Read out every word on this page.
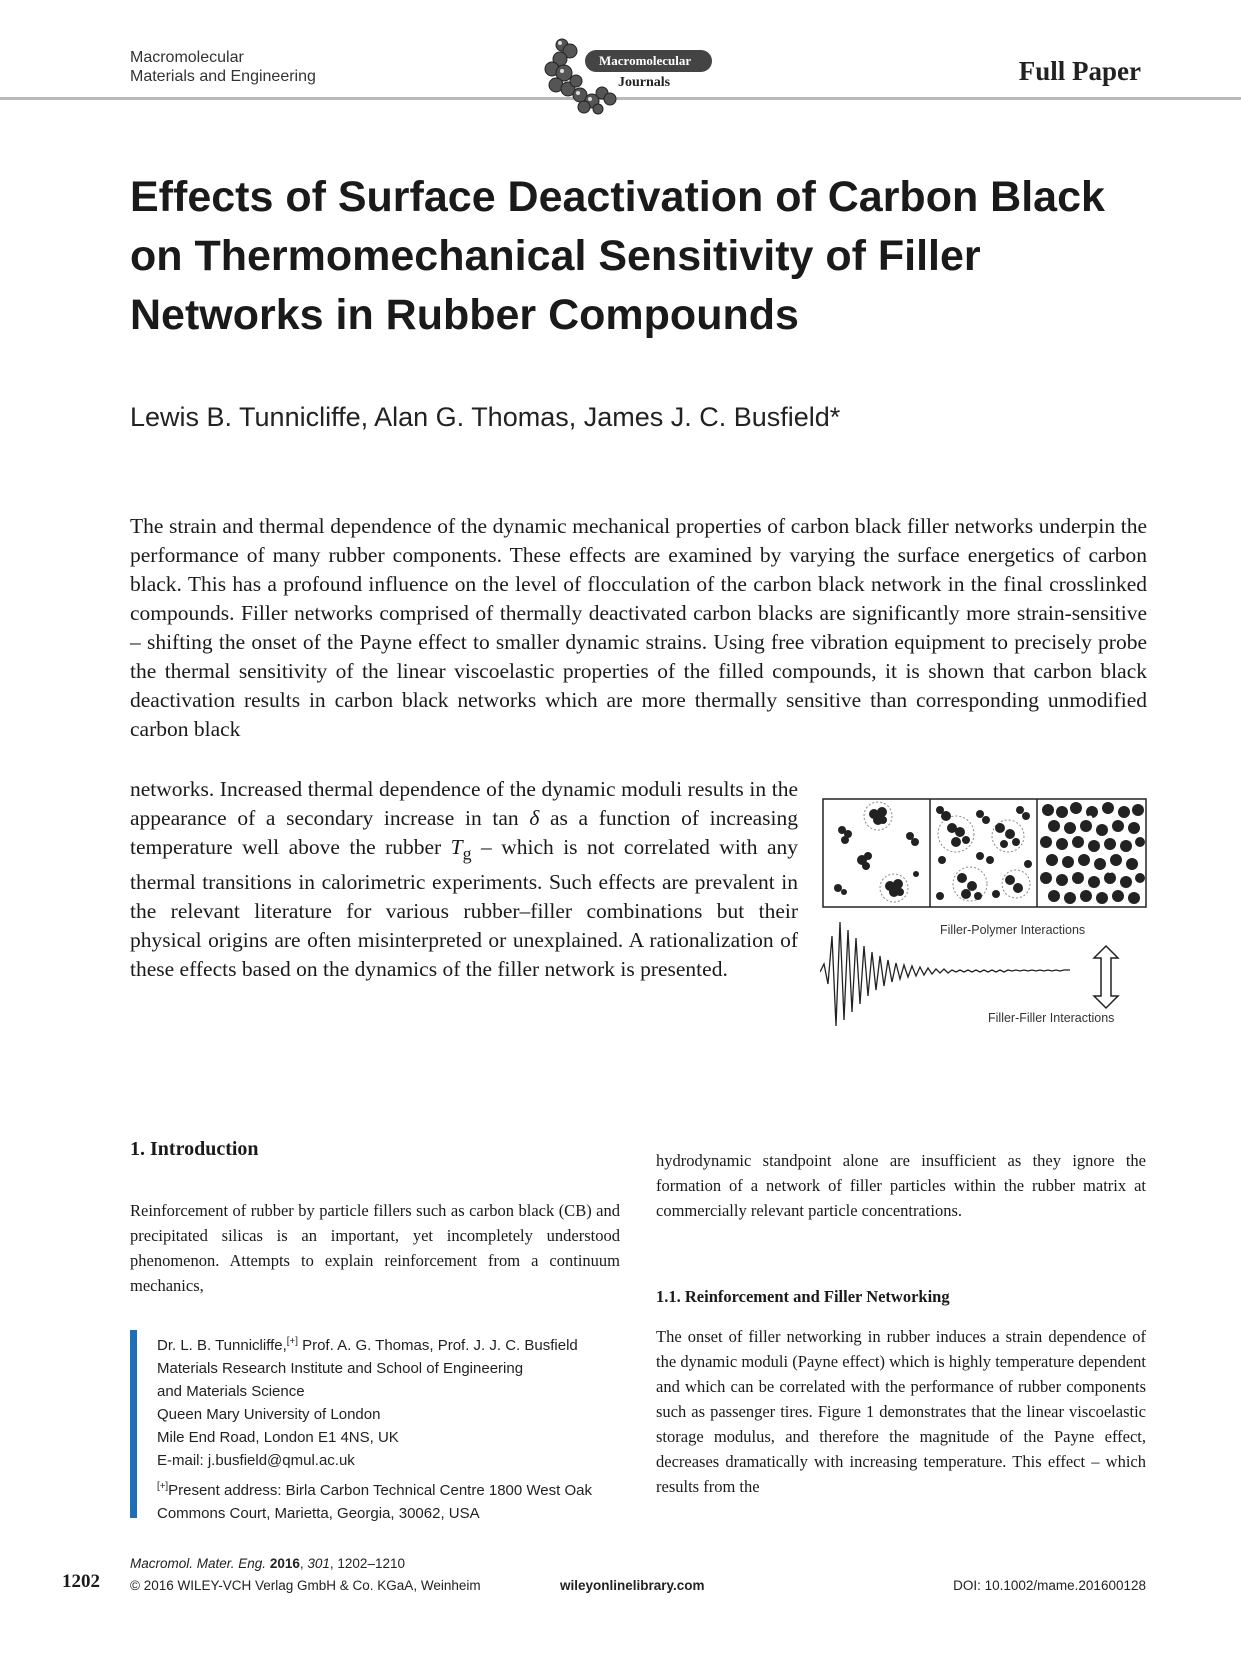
Macromolecular
Materials and Engineering
Macromolecular
Journals	Full Paper
Effects of Surface Deactivation of Carbon Black
on Thermomechanical Sensitivity of Filler
Networks in Rubber Compounds
Lewis B. Tunnicliffe, Alan G. Thomas, James J. C. Busfield*
The strain and thermal dependence of the dynamic mechanical properties of carbon black filler networks underpin the performance of many rubber components. These effects are examined by varying the surface energetics of carbon black. This has a profound influence on the level of flocculation of the carbon black network in the final crosslinked compounds. Filler networks comprised of thermally deactivated carbon blacks are significantly more strain-sensitive – shifting the onset of the Payne effect to smaller dynamic strains. Using free vibration equipment to precisely probe the thermal sensitivity of the linear viscoelastic properties of the filled compounds, it is shown that carbon black deactivation results in carbon black networks which are more thermally sensitive than corresponding unmodified carbon black
networks. Increased thermal dependence of the dynamic moduli results in the appearance of a secondary increase in tan δ as a function of increasing temperature well above the rubber $T_g$ – which is not correlated with any thermal transitions in calorimetric experiments. Such effects are prevalent in the relevant literature for various rubber–filler combinations but their physical origins are often misinterpreted or unexplained. A rationalization of these effects based on the dynamics of the filler network is presented.
Filler-Polymer Interactions
Filler-Filler Interactions
1. Introduction
Reinforcement of rubber by particle fillers such as carbon black (CB) and precipitated silicas is an important, yet incompletely understood phenomenon. Attempts to explain reinforcement from a continuum mechanics,
Dr. L. B. Tunnicliffe,[+] Prof. A. G. Thomas, Prof. J. J. C. Busfield
Materials Research Institute and School of Engineering
and Materials Science
Queen Mary University of London
Mile End Road, London E1 4NS, UK
E-mail: j.busfield@qmul.ac.uk
[+]Present address: Birla Carbon Technical Centre 1800 West Oak Commons Court, Marietta, Georgia, 30062, USA
hydrodynamic standpoint alone are insufficient as they ignore the formation of a network of filler particles within the rubber matrix at commercially relevant particle concentrations.
1.1. Reinforcement and Filler Networking
The onset of filler networking in rubber induces a strain dependence of the dynamic moduli (Payne effect) which is highly temperature dependent and which can be correlated with the performance of rubber components such as passenger tires. Figure 1 demonstrates that the linear viscoelastic storage modulus, and therefore the magnitude of the Payne effect, decreases dramatically with increasing temperature. This effect – which results from the
1202
Macromol. Mater. Eng. 2016, 301, 1202–1210
© 2016 WILEY-VCH Verlag GmbH & Co. KGaA, Weinheim	wileyonlinelibrary.com	DOI: 10.1002/mame.201600128
